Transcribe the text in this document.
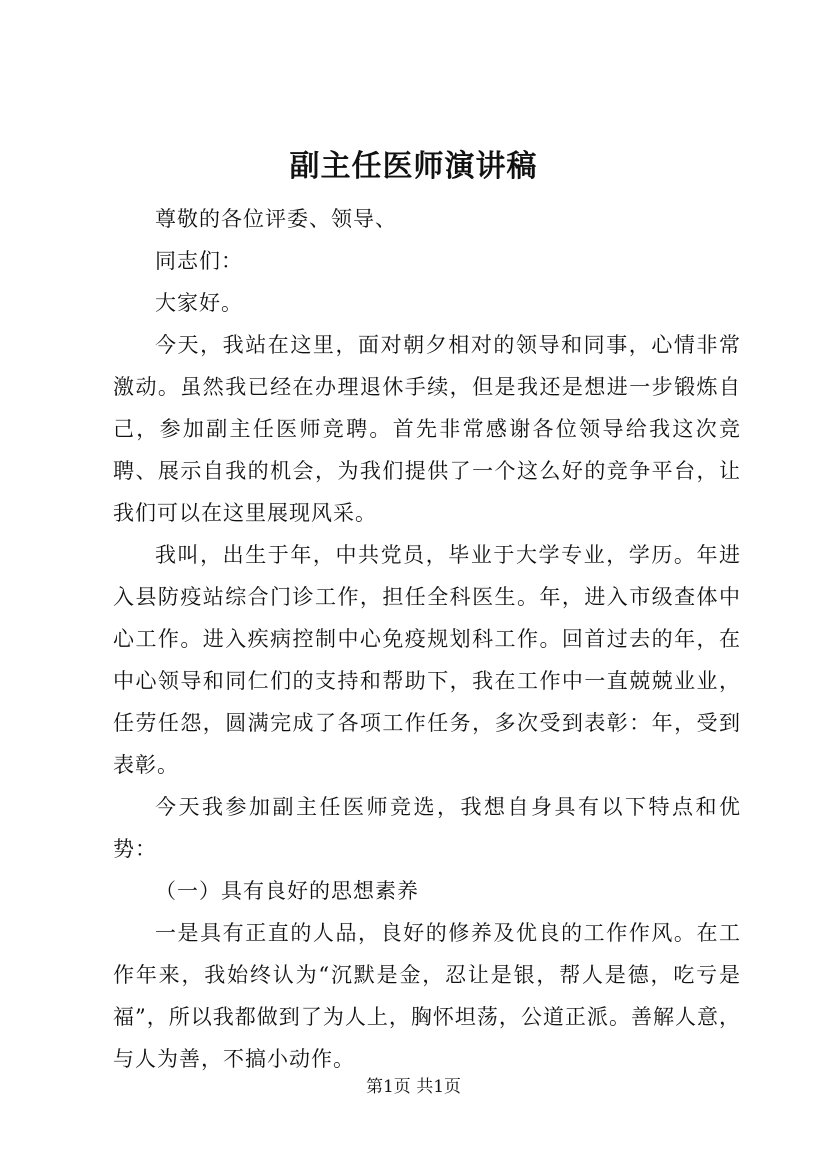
副主任医师演讲稿

尊敬的各位评委、领导、

同志们：

大家好。

今天，我站在这里，面对朝夕相对的领导和同事，心情非常激动。虽然我已经在办理退休手续，但是我还是想进一步锻炼自己，参加副主任医师竞聘。首先非常感谢各位领导给我这次竞聘、展示自我的机会，为我们提供了一个这么好的竞争平台，让我们可以在这里展现风采。

我叫，出生于年，中共党员，毕业于大学专业，学历。年进入县防疫站综合门诊工作，担任全科医生。年，进入市级查体中心工作。进入疾病控制中心免疫规划科工作。回首过去的年，在中心领导和同仁们的支持和帮助下，我在工作中一直兢兢业业，任劳任怨，圆满完成了各项工作任务，多次受到表彰：年，受到表彰。

今天我参加副主任医师竞选，我想自身具有以下特点和优势：

（一）具有良好的思想素养

一是具有正直的人品，良好的修养及优良的工作作风。在工作年来，我始终认为“沉默是金，忍让是银，帮人是德，吃亏是福”，所以我都做到了为人上，胸怀坦荡，公道正派。善解人意，与人为善，不搞小动作。

第1页 共1页
